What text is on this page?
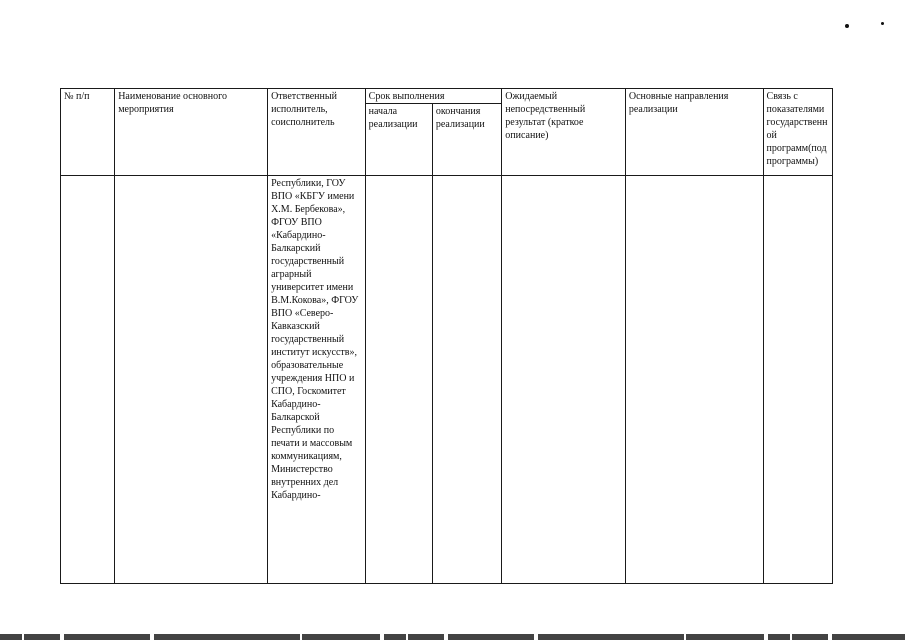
№ п/п	Наименование основного мероприятия	Ответственный исполнитель, соисполнитель	Срок выполнения		Ожидаемый непосредственный результат (краткое описание)	Основные направления реализации	Связь с показателями государственной программ(подпрограммы)
			начала реализации	окончания реализации			
		Республики, ГОУ ВПО «КБГУ имени Х.М. Бербекова», ФГОУ ВПО «Кабардино-Балкарский государственный аграрный университет имени В.М.Кокова», ФГОУ ВПО «Северо-Кавказский государственный институт искусств», образовательные учреждения НПО и СПО, Госкомитет Кабардино-Балкарской Республики по печати и массовым коммуникациям, Министерство внутренних дел Кабардино-					
